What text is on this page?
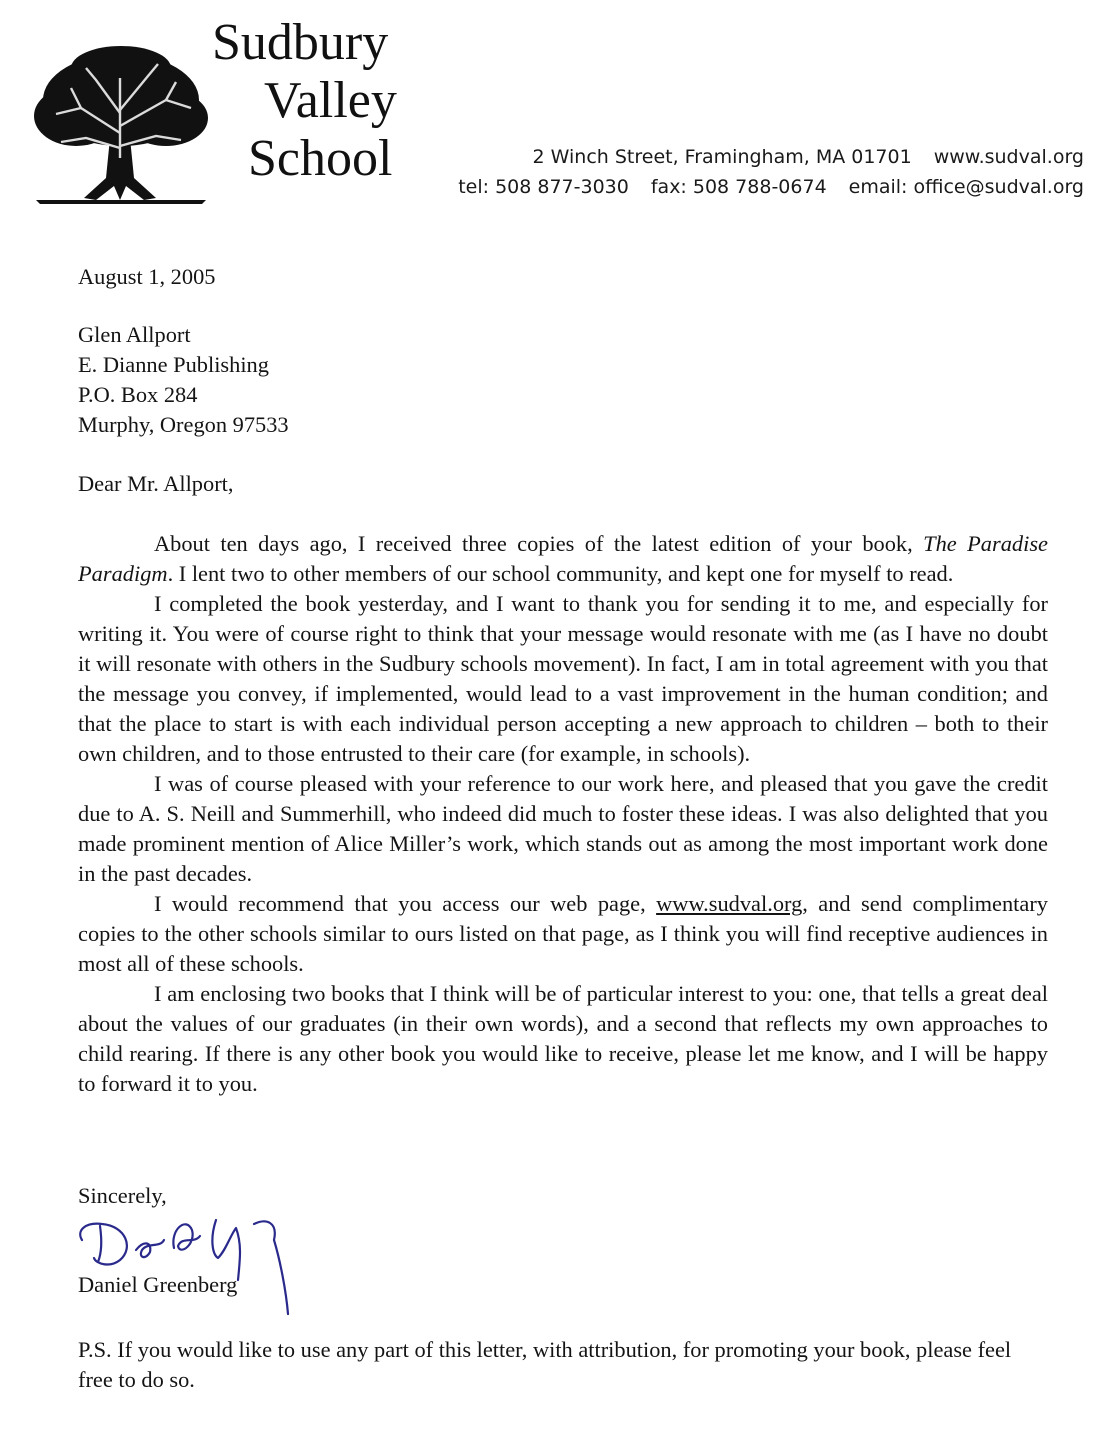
Sudbury
Valley
School	2 Winch Street, Framingham, MA 01701 www.sudval.org
tel: 508 877-3030 fax: 508 788-0674 email: office@sudval.org
August 1, 2005
Glen Allport
E. Dianne Publishing
P.O. Box 284
Murphy, Oregon 97533
Dear Mr. Allport,

About ten days ago, I received three copies of the latest edition of your book, The Paradise Paradigm. I lent two to other members of our school community, and kept one for myself to read.

I completed the book yesterday, and I want to thank you for sending it to me, and especially for writing it. You were of course right to think that your message would resonate with me (as I have no doubt it will resonate with others in the Sudbury schools movement). In fact, I am in total agreement with you that the message you convey, if implemented, would lead to a vast improvement in the human condition; and that the place to start is with each individual person accepting a new approach to children – both to their own children, and to those entrusted to their care (for example, in schools).

I was of course pleased with your reference to our work here, and pleased that you gave the credit due to A. S. Neill and Summerhill, who indeed did much to foster these ideas. I was also delighted that you made prominent mention of Alice Miller’s work, which stands out as among the most important work done in the past decades.

I would recommend that you access our web page, www.sudval.org, and send complimentary copies to the other schools similar to ours listed on that page, as I think you will find receptive audiences in most all of these schools.

I am enclosing two books that I think will be of particular interest to you: one, that tells a great deal about the values of our graduates (in their own words), and a second that reflects my own approaches to child rearing. If there is any other book you would like to receive, please let me know, and I will be happy to forward it to you.

Sincerely,
Daniel Greenberg
P.S. If you would like to use any part of this letter, with attribution, for promoting your book, please feel free to do so.
